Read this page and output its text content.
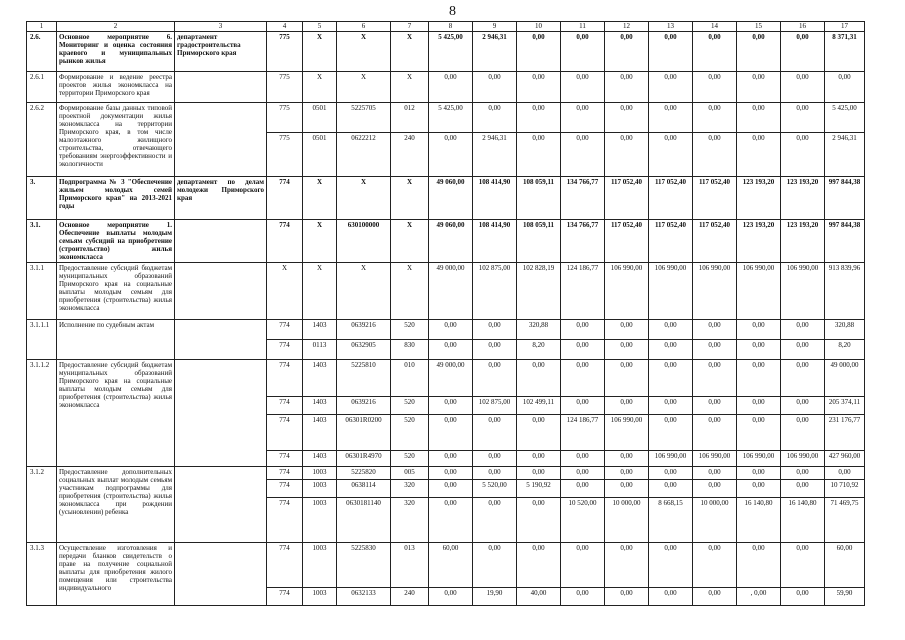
8
1	2	3	4	5	6	7	8	9	10	11	12	13	14	15	16	17
2.6.	Основное мероприятие 6. Мониторинг и оценка состояния краевого и муниципальных рынков жилья	департамент градостроительства Приморского края	775	X	X	X	5 425,00	2 946,31	0,00	0,00	0,00	0,00	0,00	0,00	0,00	8 371,31
2.6.1	Формирование и ведение реестра проектов жилья экономкласса на территории Приморского края		775	X	X	X	0,00	0,00	0,00	0,00	0,00	0,00	0,00	0,00	0,00	0,00
2.6.2	Формирование базы данных типовой проектной документации жилья экономкласса на территории Приморского края, в том числе малоэтажного жилищного строительства, отвечающего требованиям энергоэффективности и экологичности		775	0501	5225705	012	5 425,00	0,00	0,00	0,00	0,00	0,00	0,00	0,00	0,00	5 425,00
			775	0501	0622212	240	0,00	2 946,31	0,00	0,00	0,00	0,00	0,00	0,00	0,00	2 946,31
3.	Подпрограмма № 3 "Обеспечение жильем молодых семей Приморского края" на 2013-2021 годы	департамент по делам молодежи Приморского края	774	X	X	X	49 060,00	108 414,90	108 059,11	134 766,77	117 052,40	117 052,40	117 052,40	123 193,20	123 193,20	997 844,38
3.1.	Основное мероприятие 1. Обеспечение выплаты молодым семьям субсидий на приобретение (строительство) жилья экономкласса		774	X	630100000	X	49 060,00	108 414,90	108 059,11	134 766,77	117 052,40	117 052,40	117 052,40	123 193,20	123 193,20	997 844,38
3.1.1	Предоставление субсидий бюджетам муниципальных образований Приморского края на социальные выплаты молодым семьям для приобретения (строительства) жилья экономкласса		X	X	X	X	49 000,00	102 875,00	102 828,19	124 186,77	106 990,00	106 990,00	106 990,00	106 990,00	106 990,00	913 839,96
3.1.1.1	Исполнение по судебным актам		774	1403	0639216	520	0,00	0,00	320,88	0,00	0,00	0,00	0,00	0,00	0,00	320,88
			774	0113	0632905	830	0,00	0,00	8,20	0,00	0,00	0,00	0,00	0,00	0,00	8,20
3.1.1.2	Предоставление субсидий бюджетам муниципальных образований Приморского края на социальные выплаты молодым семьям для приобретения (строительства) жилья экономкласса		774	1403	5225810	010	49 000,00	0,00	0,00	0,00	0,00	0,00	0,00	0,00	0,00	49 000,00
			774	1403	0639216	520	0,00	102 875,00	102 499,11	0,00	0,00	0,00	0,00	0,00	0,00	205 374,11
			774	1403	06301R0200	520	0,00	0,00	0,00	124 186,77	106 990,00	0,00	0,00	0,00	0,00	231 176,77
			774	1403	06301R4970	520	0,00	0,00	0,00	0,00	0,00	106 990,00	106 990,00	106 990,00	106 990,00	427 960,00
3.1.2	Предоставление дополнительных социальных выплат молодым семьям участникам подпрограммы для приобретения (строительства) жилья экономкласса при рождении (усыновлении) ребенка		774	1003	5225820	005	0,00	0,00	0,00	0,00	0,00	0,00	0,00	0,00	0,00	0,00
			774	1003	0638114	320	0,00	5 520,00	5 190,92	0,00	0,00	0,00	0,00	0,00	0,00	10 710,92
			774	1003	0630181140	320	0,00	0,00	0,00	10 520,00	10 000,00	8 668,15	10 000,00	16 140,80	16 140,80	71 469,75
3.1.3	Осуществление изготовления и передачи бланков свидетельств о праве на получение социальной выплаты для приобретения жилого помещения или строительства индивидуального		774	1003	5225830	013	60,00	0,00	0,00	0,00	0,00	0,00	0,00	0,00	0,00	60,00
			774	1003	0632133	240	0,00	19,90	40,00	0,00	0,00	0,00	0,00	, 0,00	0,00	59,90
